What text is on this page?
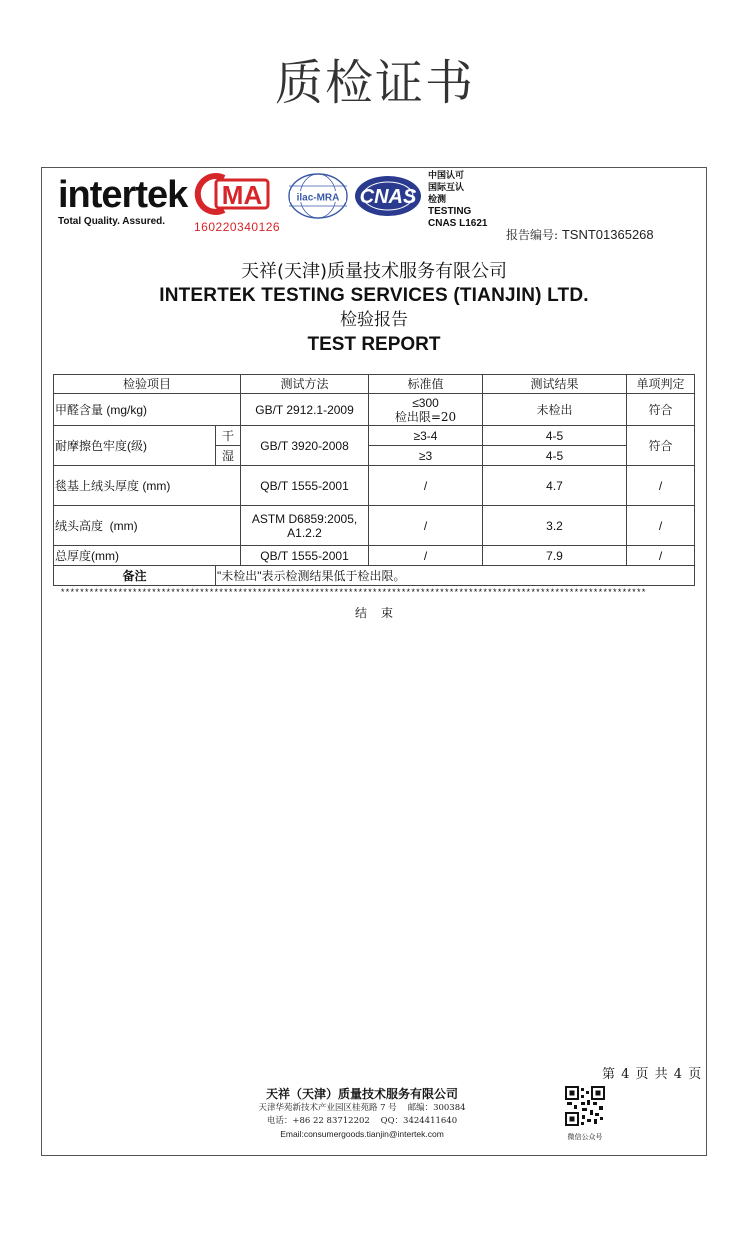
质检证书
intertek
Total Quality. Assured.
MA
160220340126
ilac-MRA CNAS
中国认可
国际互认
检测
TESTING
CNAS L1621
报告编号: TSNT01365268
天祥(天津)质量技术服务有限公司
INTERTEK TESTING SERVICES (TIANJIN) LTD.
检验报告
TEST REPORT
检验项目		测试方法	标准值	测试结果	单项判定
甲醛含量 (mg/kg)		GB/T 2912.1-2009	≤300
检出限=20	未检出	符合
耐摩擦色牢度(级)	干	GB/T 3920-2008	≥3-4	4-5	符合
	湿		≥3	4-5	
毯基上绒头厚度 (mm)		QB/T 1555-2001	/	4.7	/
绒头高度  (mm)		ASTM D6859:2005,
A1.2.2	/	3.2	/
总厚度(mm)		QB/T 1555-2001	/	7.9	/
备注	"未检出"表示检测结果低于检出限。				
**************************************************************************************************************************
结束
第 4 页 共 4 页
天祥（天津）质量技术服务有限公司
天津华苑新技术产业园区桂苑路 7 号    邮编：300384
电话：+86 22 83712202    QQ：3424411640
Email:consumergoods.tianjin@intertek.com	微信公众号
